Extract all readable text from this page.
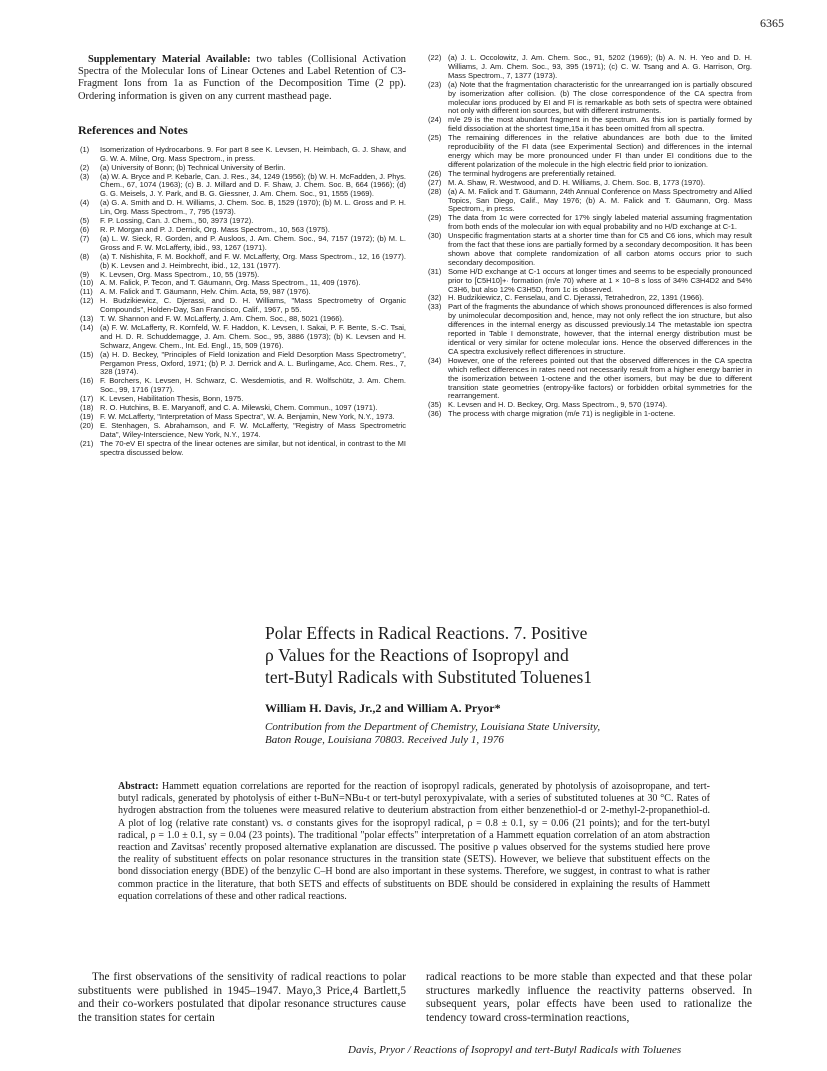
6365

Supplementary Material Available: two tables (Collisional Activation Spectra of the Molecular Ions of Linear Octenes and Label Retention of C3-Fragment Ions from 1a as Function of the Decomposition Time (2 pp). Ordering information is given on any current masthead page.

References and Notes

(1) Isomerization of Hydrocarbons. 9. For part 8 see K. Levsen, H. Heimbach, G. J. Shaw, and G. W. A. Milne, Org. Mass Spectrom., in press.

(2) (a) University of Bonn; (b) Technical University of Berlin.

(3) (a) W. A. Bryce and P. Kebarle, Can. J. Res., 34, 1249 (1956); (b) W. H. McFadden, J. Phys. Chem., 67, 1074 (1963); (c) B. J. Millard and D. F. Shaw, J. Chem. Soc. B, 664 (1966); (d) G. G. Meisels, J. Y. Park, and B. G. Giessner, J. Am. Chem. Soc., 91, 1555 (1969).

(4) (a) G. A. Smith and D. H. Williams, J. Chem. Soc. B, 1529 (1970); (b) M. L. Gross and P. H. Lin, Org. Mass Spectrom., 7, 795 (1973).

(5) F. P. Lossing, Can. J. Chem., 50, 3973 (1972).

(6) R. P. Morgan and P. J. Derrick, Org. Mass Spectrom., 10, 563 (1975).

(7) (a) L. W. Sieck, R. Gorden, and P. Ausloos, J. Am. Chem. Soc., 94, 7157 (1972); (b) M. L. Gross and F. W. McLafferty, ibid., 93, 1267 (1971).

(8) (a) T. Nishishita, F. M. Bockhoff, and F. W. McLafferty, Org. Mass Spectrom., 12, 16 (1977). (b) K. Levsen and J. Heimbrecht, ibid., 12, 131 (1977).

(9) K. Levsen, Org. Mass Spectrom., 10, 55 (1975).

(10) A. M. Falick, P. Tecon, and T. Gäumann, Org. Mass Spectrom., 11, 409 (1976).

(11) A. M. Falick and T. Gäumann, Helv. Chim. Acta, 59, 987 (1976).

(12) H. Budzikiewicz, C. Djerassi, and D. H. Williams, "Mass Spectrometry of Organic Compounds", Holden-Day, San Francisco, Calif., 1967, p 55.

(13) T. W. Shannon and F. W. McLafferty, J. Am. Chem. Soc., 88, 5021 (1966).

(14) (a) F. W. McLafferty, R. Kornfeld, W. F. Haddon, K. Levsen, I. Sakai, P. F. Bente, S.-C. Tsai, and H. D. R. Schuddemagge, J. Am. Chem. Soc., 95, 3886 (1973); (b) K. Levsen and H. Schwarz, Angew. Chem., Int. Ed. Engl., 15, 509 (1976).

(15) (a) H. D. Beckey, "Principles of Field Ionization and Field Desorption Mass Spectrometry", Pergamon Press, Oxford, 1971; (b) P. J. Derrick and A. L. Burlingame, Acc. Chem. Res., 7, 328 (1974).

(16) F. Borchers, K. Levsen, H. Schwarz, C. Wesdemiotis, and R. Wolfschütz, J. Am. Chem. Soc., 99, 1716 (1977).

(17) K. Levsen, Habilitation Thesis, Bonn, 1975.

(18) R. O. Hutchins, B. E. Maryanoff, and C. A. Milewski, Chem. Commun., 1097 (1971).

(19) F. W. McLafferty, "Interpretation of Mass Spectra", W. A. Benjamin, New York, N.Y., 1973.

(20) E. Stenhagen, S. Abrahamson, and F. W. McLafferty, "Registry of Mass Spectrometric Data", Wiley-Interscience, New York, N.Y., 1974.

(21) The 70-eV EI spectra of the linear octenes are similar, but not identical, in contrast to the MI spectra discussed below.

(22) (a) J. L. Occolowitz, J. Am. Chem. Soc., 91, 5202 (1969); (b) A. N. H. Yeo and D. H. Williams, J. Am. Chem. Soc., 93, 395 (1971); (c) C. W. Tsang and A. G. Harrison, Org. Mass Spectrom., 7, 1377 (1973).

(23) (a) Note that the fragmentation characteristic for the unrearranged ion is partially obscured by isomerization after collision. (b) The close correspondence of the CA spectra from molecular ions produced by EI and FI is remarkable as both sets of spectra were obtained not only with different ion sources, but with different instruments.

(24) m/e 29 is the most abundant fragment in the spectrum. As this ion is partially formed by field dissociation at the shortest time,15a it has been omitted from all spectra.

(25) The remaining differences in the relative abundances are both due to the limited reproducibility of the FI data (see Experimental Section) and differences in the internal energy which may be more pronounced under FI than under EI conditions due to the different polarization of the molecule in the high electric field prior to ionization.

(26) The terminal hydrogens are preferentially retained.

(27) M. A. Shaw, R. Westwood, and D. H. Williams, J. Chem. Soc. B, 1773 (1970).

(28) (a) A. M. Falick and T. Gäumann, 24th Annual Conference on Mass Spectrometry and Allied Topics, San Diego, Calif., May 1976; (b) A. M. Falick and T. Gäumann, Org. Mass Spectrom., in press.

(29) The data from 1c were corrected for 17% singly labeled material assuming fragmentation from both ends of the molecular ion with equal probability and no H/D exchange at C-1.

(30) Unspecific fragmentation starts at a shorter time than for C5 and C6 ions, which may result from the fact that these ions are partially formed by a secondary decomposition. It has been shown above that complete randomization of all carbon atoms occurs prior to such secondary decomposition.

(31) Some H/D exchange at C-1 occurs at longer times and seems to be especially pronounced prior to [C5H10]+· formation (m/e 70) where at 1 × 10−8 s loss of 34% C3H4D2 and 54% C3H6, but also 12% C3H5D, from 1c is observed.

(32) H. Budzikiewicz, C. Fenselau, and C. Djerassi, Tetrahedron, 22, 1391 (1966).

(33) Part of the fragments the abundance of which shows pronounced differences is also formed by unimolecular decomposition and, hence, may not only reflect the ion structure, but also differences in the internal energy as discussed previously.14 The metastable ion spectra reported in Table I demonstrate, however, that the internal energy distribution must be identical or very similar for octene molecular ions. Hence the observed differences in the CA spectra exclusively reflect differences in structure.

(34) However, one of the referees pointed out that the observed differences in the CA spectra which reflect differences in rates need not necessarily result from a higher energy barrier in the isomerization between 1-octene and the other isomers, but may be due to different transition state geometries (entropy-like factors) or forbidden orbital symmetries for the rearrangement.

(35) K. Levsen and H. D. Beckey, Org. Mass Spectrom., 9, 570 (1974).

(36) The process with charge migration (m/e 71) is negligible in 1-octene.

Polar Effects in Radical Reactions. 7. Positive
ρ Values for the Reactions of Isopropyl and
tert-Butyl Radicals with Substituted Toluenes1
William H. Davis, Jr.,2 and William A. Pryor*

Contribution from the Department of Chemistry, Louisiana State University,
Baton Rouge, Louisiana 70803. Received July 1, 1976

Abstract: Hammett equation correlations are reported for the reaction of isopropyl radicals, generated by photolysis of azoisopropane, and tert-butyl radicals, generated by photolysis of either t-BuN=NBu-t or tert-butyl peroxypivalate, with a series of substituted toluenes at 30 °C. Rates of hydrogen abstraction from the toluenes were measured relative to deuterium abstraction from either benzenethiol-d or 2-methyl-2-propanethiol-d. A plot of log (relative rate constant) vs. σ constants gives for the isopropyl radical, ρ = 0.8 ± 0.1, sy = 0.06 (21 points); and for the tert-butyl radical, ρ = 1.0 ± 0.1, sy = 0.04 (23 points). The traditional "polar effects" interpretation of a Hammett equation correlation of an atom abstraction reaction and Zavitsas' recently proposed alternative explanation are discussed. The positive ρ values observed for the systems studied here prove the reality of substituent effects on polar resonance structures in the transition state (SETS). However, we believe that substituent effects on the bond dissociation energy (BDE) of the benzylic C–H bond are also important in these systems. Therefore, we suggest, in contrast to what is rather common practice in the literature, that both SETS and effects of substituents on BDE should be considered in explaining the results of Hammett equation correlations of these and other radical reactions.

The first observations of the sensitivity of radical reactions to polar substituents were published in 1945–1947. Mayo,3 Price,4 Bartlett,5 and their co-workers postulated that dipolar resonance structures cause the transition states for certain

radical reactions to be more stable than expected and that these polar structures markedly influence the reactivity patterns observed. In subsequent years, polar effects have been used to rationalize the tendency toward cross-termination reactions,

Davis, Pryor / Reactions of Isopropyl and tert-Butyl Radicals with Toluenes
